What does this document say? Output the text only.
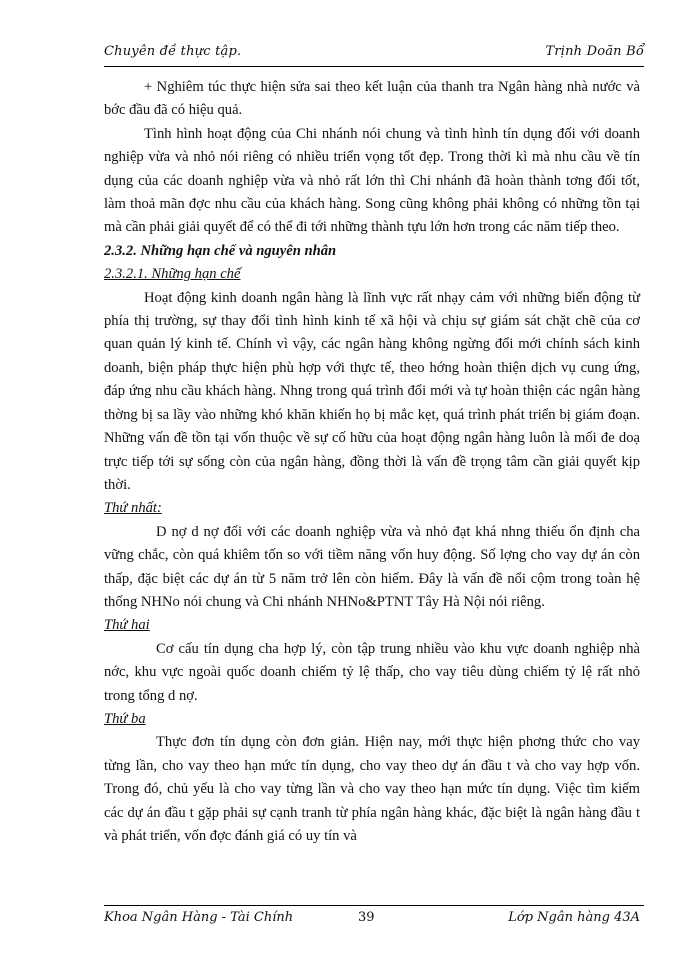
Chuyên đề thực tập.	Trịnh Doãn Bổ

+ Nghiêm túc thực hiện sửa sai theo kết luận của thanh tra Ngân hàng nhà nước và bớc đầu đã có hiệu quả.

Tình hình hoạt động của Chi nhánh nói chung và tình hình tín dụng đối với doanh nghiệp vừa và nhỏ nói riêng có nhiều triển vọng tốt đẹp. Trong thời kì mà nhu cầu về tín dụng của các doanh nghiệp vừa và nhỏ rất lớn thì Chi nhánh đã hoàn thành tơng đối tốt, làm thoả mãn đợc nhu cầu của khách hàng. Song cũng không phải không có những tồn tại mà cần phải giải quyết để có thể đi tới những thành tựu lớn hơn trong các năm tiếp theo.

2.3.2. Những hạn chế và nguyên nhân

2.3.2.1. Những hạn chế

Hoạt động kinh doanh ngân hàng là lĩnh vực rất nhạy cảm với những biến động từ phía thị trường, sự thay đổi tình hình kinh tế xã hội và chịu sự giám sát chặt chẽ của cơ quan quản lý kinh tế. Chính vì vậy, các ngân hàng không ngừng đổi mới chính sách kinh doanh, biện pháp thực hiện phù hợp với thực tế, theo hớng hoàn thiện dịch vụ cung ứng, đáp ứng nhu cầu khách hàng. Nhng trong quá trình đổi mới và tự hoàn thiện các ngân hàng thờng bị sa lầy vào những khó khăn khiến họ bị mắc kẹt, quá trình phát triển bị giám đoạn. Những vấn đề tồn tại vốn thuộc về sự cố hữu của hoạt động ngân hàng luôn là mối đe doạ trực tiếp tới sự sống còn của ngân hàng, đồng thời là vấn đề trọng tâm cần giải quyết kịp thời.

Thứ nhất:

D nợ d nợ đối với các doanh nghiệp vừa và nhỏ đạt khá nhng thiếu ổn định cha vững chắc, còn quá khiêm tốn so với tiềm năng vốn huy động. Số lợng cho vay dự án còn thấp, đặc biệt các dự án từ 5 năm trở lên còn hiếm. Đây là vấn đề nổi cộm trong toàn hệ thống NHNo nói chung và Chi nhánh NHNo&PTNT Tây Hà Nội nói riêng.

Thứ hai

Cơ cấu tín dụng cha hợp lý, còn tập trung nhiều vào khu vực doanh nghiệp nhà nớc, khu vực ngoài quốc doanh chiếm tỷ lệ thấp, cho vay tiêu dùng chiếm tỷ lệ rất nhỏ trong tổng d nợ.

Thứ ba

Thực đơn tín dụng còn đơn giản. Hiện nay, mới thực hiện phơng thức cho vay từng lần, cho vay theo hạn mức tín dụng, cho vay theo dự án đầu t và cho vay hợp vốn. Trong đó, chủ yếu là cho vay từng lần và cho vay theo hạn mức tín dụng. Việc tìm kiếm các dự án đầu t gặp phải sự cạnh tranh từ phía ngân hàng khác, đặc biệt là ngân hàng đầu t và phát triển, vốn đợc đánh giá có uy tín và

Khoa Ngân Hàng - Tài Chính	39	Lớp Ngân hàng 43A
